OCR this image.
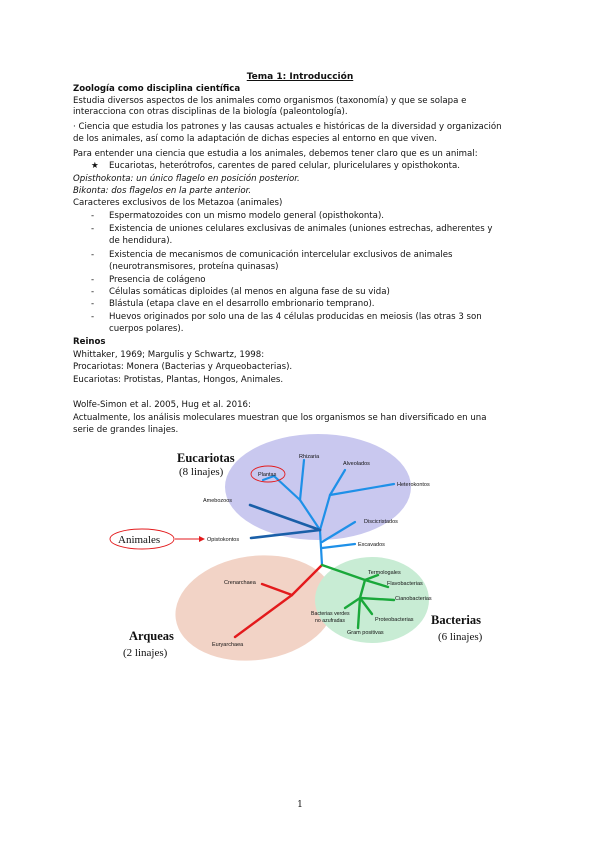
Tema 1: Introducción
Zoología como disciplina científica
Estudia diversos aspectos de los animales como organismos (taxonomía) y que se solapa e
interacciona con otras disciplinas de la biología (paleontología).
· Ciencia que estudia los patrones y las causas actuales e históricas de la diversidad y organización
de los animales, así como la adaptación de dichas especies al entorno en que viven.
Para entender una ciencia que estudia a los animales, debemos tener claro que es un animal:
★ Eucariotas, heterótrofos, carentes de pared celular, pluricelulares y opisthokonta.
Opisthokonta: un único flagelo en posición posterior.
Bikonta: dos flagelos en la parte anterior.
Caracteres exclusivos de los Metazoa (animales)
- Espermatozoides con un mismo modelo general (opisthokonta).
- Existencia de uniones celulares exclusivas de animales (uniones estrechas, adherentes y
de hendidura).
- Existencia de mecanismos de comunicación intercelular exclusivos de animales
(neurotransmisores, proteína quinasas)
- Presencia de colágeno
- Células somáticas diploides (al menos en alguna fase de su vida)
- Blástula (etapa clave en el desarrollo embrionario temprano).
- Huevos originados por solo una de las 4 células producidas en meiosis (las otras 3 son
cuerpos polares).
Reinos
Whittaker, 1969; Margulis y Schwartz, 1998:
Procariotas: Monera (Bacterias y Arqueobacterias).
Eucariotas: Protistas, Plantas, Hongos, Animales.
Wolfe-Simon et al. 2005, Hug et al. 2016:
Actualmente, los análisis moleculares muestran que los organismos se han diversificado en una
serie de grandes linajes.
Eucariotas
(8 linajes)
Arqueas
(2 linajes)
Bacterias
(6 linajes)
Animales
Rhizaria
Alveolados
Plantas
Heterokontos
Amebozoos
Discicristados
Opistokontos
Excavados
Crenarchaea
Euryarchaea
Termologales
Flavobacterias
Cianobacterias
Bacterias verdes
no azufradas	Proteobacterias
Gram positivas
1
